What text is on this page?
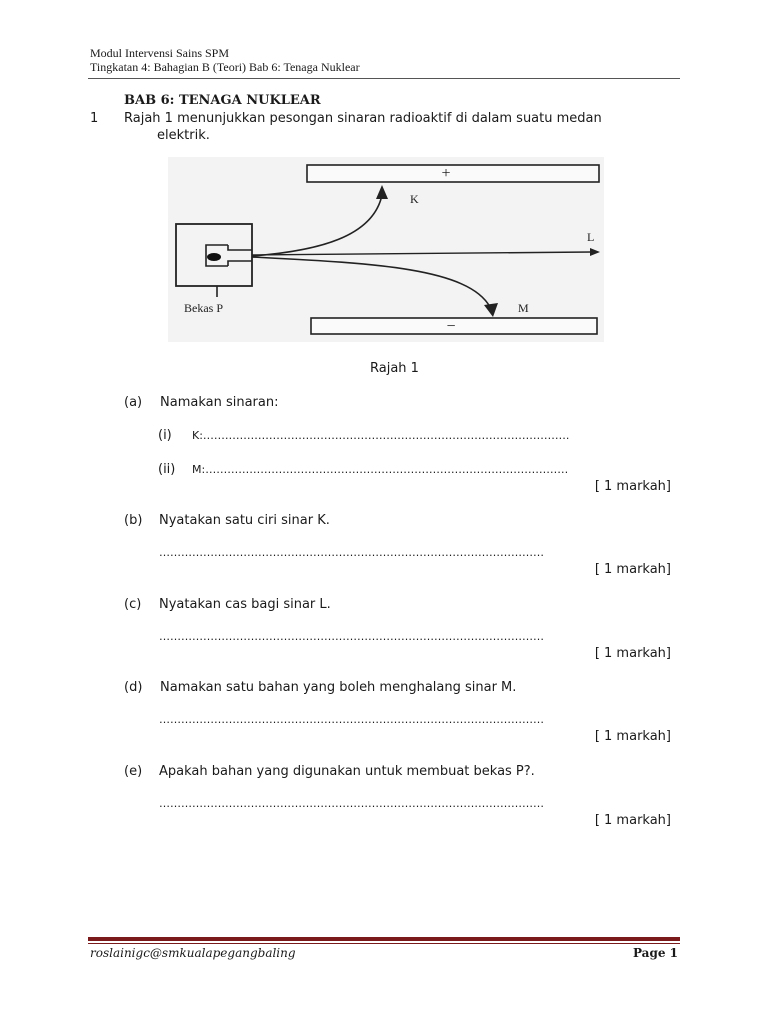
Modul Intervensi Sains SPM
Tingkatan 4: Bahagian B (Teori) Bab 6: Tenaga Nuklear
BAB 6: TENAGA NUKLEAR
1 Rajah 1 menunjukkan pesongan sinaran radioaktif di dalam suatu medan
elektrik.
+
−
Bekas P
K
L
M
Rajah 1
(a) Namakan sinaran:
(i) K:……………………………………………………………………………………….
(ii) M:………………………………………………………………………………………
[ 1 markah]
(b) Nyatakan satu ciri sinar K.
……………………………………………………………………………………………
[ 1 markah]
(c) Nyatakan cas bagi sinar L.
……………………………………………………………………………………………
[ 1 markah]
(d) Namakan satu bahan yang boleh menghalang sinar M.
……………………………………………………………………………………………
[ 1 markah]
(e) Apakah bahan yang digunakan untuk membuat bekas P?.
……………………………………………………………………………………………
[ 1 markah]
roslainigc@smkualapegangbaling	Page 1
